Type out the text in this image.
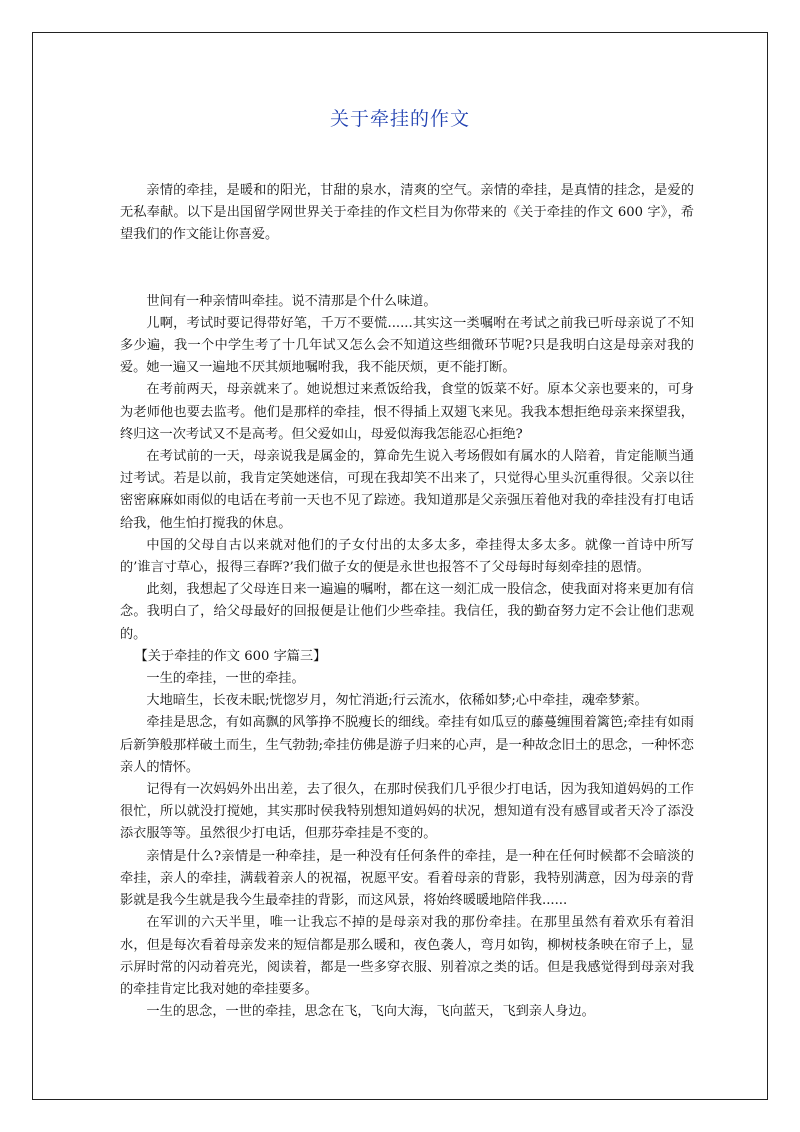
关于牵挂的作文

亲情的牵挂，是暖和的阳光，甘甜的泉水，清爽的空气。亲情的牵挂，是真情的挂念，是爱的无私奉献。以下是出国留学网世界关于牵挂的作文栏目为你带来的《关于牵挂的作文 600 字》，希望我们的作文能让你喜爱。

世间有一种亲情叫牵挂。说不清那是个什么味道。

儿啊，考试时要记得带好笔，千万不要慌......其实这一类嘱咐在考试之前我已听母亲说了不知多少遍，我一个中学生考了十几年试又怎么会不知道这些细微环节呢?只是我明白这是母亲对我的爱。她一遍又一遍地不厌其烦地嘱咐我，我不能厌烦，更不能打断。

在考前两天，母亲就来了。她说想过来煮饭给我，食堂的饭菜不好。原本父亲也要来的，可身为老师他也要去监考。他们是那样的牵挂，恨不得插上双翅飞来见。我我本想拒绝母亲来探望我，终归这一次考试又不是高考。但父爱如山，母爱似海我怎能忍心拒绝?

在考试前的一天，母亲说我是属金的，算命先生说入考场假如有属水的人陪着，肯定能顺当通过考试。若是以前，我肯定笑她迷信，可现在我却笑不出来了，只觉得心里头沉重得很。父亲以往密密麻麻如雨似的电话在考前一天也不见了踪迹。我知道那是父亲强压着他对我的牵挂没有打电话给我，他生怕打搅我的休息。

中国的父母自古以来就对他们的子女付出的太多太多，牵挂得太多太多。就像一首诗中所写的’谁言寸草心，报得三春晖?’我们做子女的便是永世也报答不了父母每时每刻牵挂的恩情。

此刻，我想起了父母连日来一遍遍的嘱咐，都在这一刻汇成一股信念，使我面对将来更加有信念。我明白了，给父母最好的回报便是让他们少些牵挂。我信任，我的勤奋努力定不会让他们悲观的。

【关于牵挂的作文 600 字篇三】

一生的牵挂，一世的牵挂。

大地暗生，长夜未眠;恍惚岁月，匆忙消逝;行云流水，依稀如梦;心中牵挂，魂牵梦萦。

牵挂是思念，有如高飘的风筝挣不脱瘦长的细线。牵挂有如瓜豆的藤蔓缠围着篱笆;牵挂有如雨后新笋般那样破土而生，生气勃勃;牵挂仿佛是游子归来的心声，是一种故念旧土的思念，一种怀恋亲人的情怀。

记得有一次妈妈外出出差，去了很久，在那时侯我们几乎很少打电话，因为我知道妈妈的工作很忙，所以就没打搅她，其实那时侯我特别想知道妈妈的状况，想知道有没有感冒或者天冷了添没添衣服等等。虽然很少打电话，但那芬牵挂是不变的。

亲情是什么?亲情是一种牵挂，是一种没有任何条件的牵挂，是一种在任何时候都不会暗淡的牵挂，亲人的牵挂，满载着亲人的祝福，祝愿平安。看着母亲的背影，我特别满意，因为母亲的背影就是我今生就是我今生最牵挂的背影，而这风景，将始终暖暖地陪伴我......

在军训的六天半里，唯一让我忘不掉的是母亲对我的那份牵挂。在那里虽然有着欢乐有着泪水，但是每次看着母亲发来的短信都是那么暖和，夜色袭人，弯月如钩，柳树枝条映在帘子上，显示屏时常的闪动着亮光，阅读着，都是一些多穿衣服、别着凉之类的话。但是我感觉得到母亲对我的牵挂肯定比我对她的牵挂要多。

一生的思念，一世的牵挂，思念在飞，飞向大海，飞向蓝天，飞到亲人身边。
